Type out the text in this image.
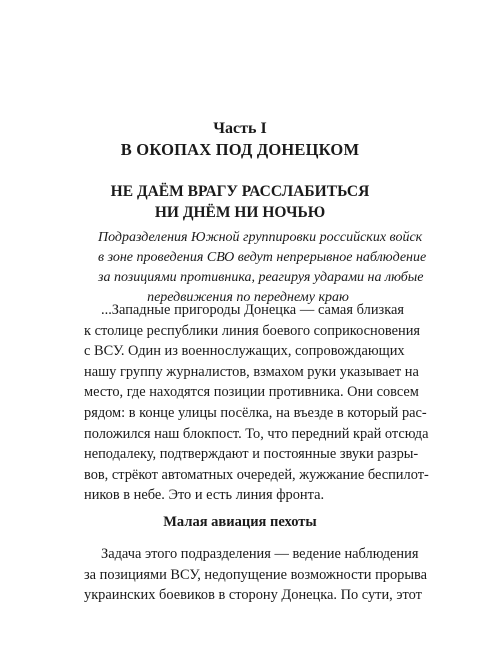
Часть I
В ОКОПАХ ПОД ДОНЕЦКОМ
НЕ ДАЁМ ВРАГУ РАССЛАБИТЬСЯ
НИ ДНЁМ НИ НОЧЬЮ
Подразделения Южной группировки российских войск
в зоне проведения СВО ведут непрерывное наблюдение
за позициями противника, реагируя ударами на любые
передвижения по переднему краю
...Западные пригороды Донецка — самая близкая
к столице республики линия боевого соприкосновения
с ВСУ. Один из военнослужащих, сопровождающих
нашу группу журналистов, взмахом руки указывает на
место, где находятся позиции противника. Они совсем
рядом: в конце улицы посёлка, на въезде в который рас-
положился наш блокпост. То, что передний край отсюда
неподалеку, подтверждают и постоянные звуки разры-
вов, стрёкот автоматных очередей, жужжание беспилот-
ников в небе. Это и есть линия фронта.
Малая авиация пехоты
Задача этого подразделения — ведение наблюдения
за позициями ВСУ, недопущение возможности прорыва
украинских боевиков в сторону Донецка. По сути, этот
